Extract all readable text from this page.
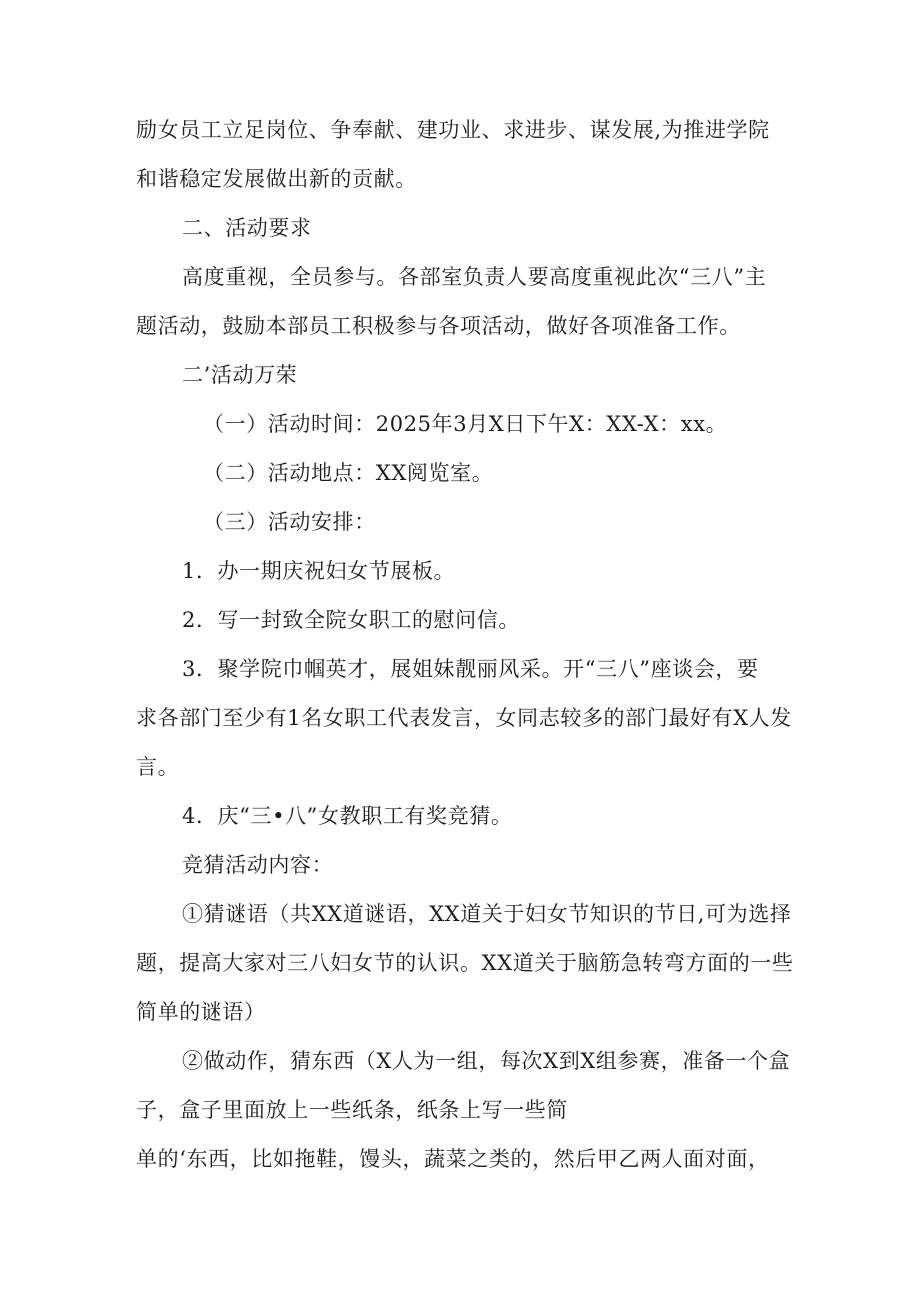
励女员工立足岗位、争奉献、建功业、求进步、谋发展,为推进学院
和谐稳定发展做出新的贡献。
二、活动要求
高度重视，全员参与。各部室负责人要高度重视此次“三八”主
题活动，鼓励本部员工积极参与各项活动，做好各项准备工作。
二’活动万荣
（一）活动时间：2025年3月X日下午X：XX-X：xx。
（二）活动地点：XX阅览室。
（三）活动安排：
1．办一期庆祝妇女节展板。
2．写一封致全院女职工的慰问信。
3．聚学院巾帼英才，展姐妹靓丽风采。开“三八”座谈会，要
求各部门至少有1名女职工代表发言，女同志较多的部门最好有X人发
言。
4．庆“三•八”女教职工有奖竞猜。
竞猜活动内容：
①猜谜语（共XX道谜语，XX道关于妇女节知识的节日,可为选择
题，提高大家对三八妇女节的认识。XX道关于脑筋急转弯方面的一些
简单的谜语）
②做动作，猜东西（X人为一组，每次X到X组参赛，准备一个盒
子，盒子里面放上一些纸条，纸条上写一些简
单的‘东西，比如拖鞋，馒头，蔬菜之类的，然后甲乙两人面对面，
